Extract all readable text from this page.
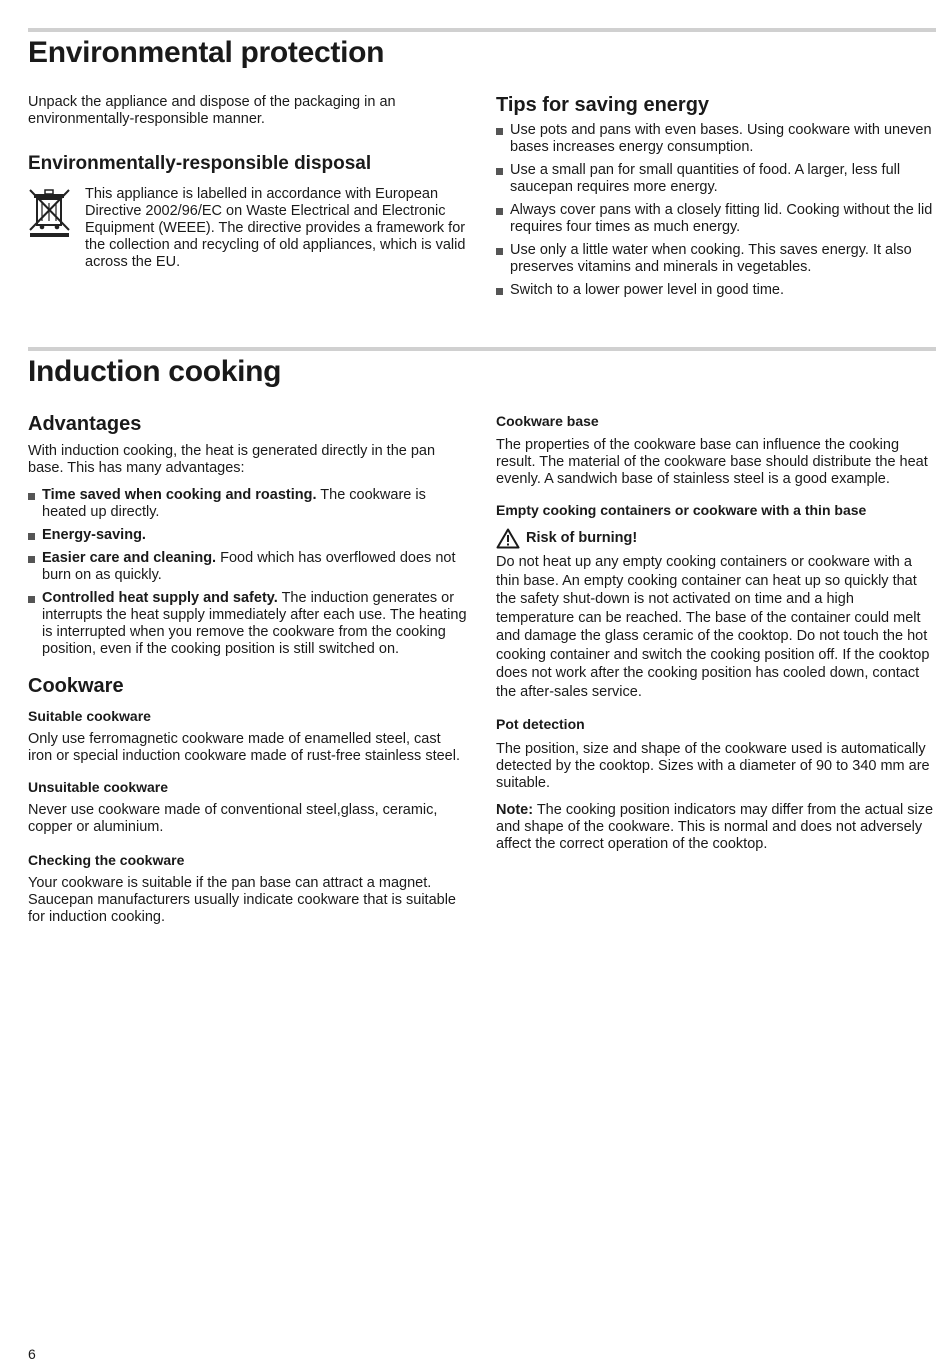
Environmental protection

Unpack the appliance and dispose of the packaging in an environmentally-responsible manner.

Environmentally-responsible disposal

This appliance is labelled in accordance with European Directive 2002/96/EC on Waste Electrical and Electronic Equipment (WEEE). The directive provides a framework for the collection and recycling of old appliances, which is valid across the EU.

Tips for saving energy
Use pots and pans with even bases. Using cookware with uneven bases increases energy consumption.
Use a small pan for small quantities of food. A larger, less full saucepan requires more energy.
Always cover pans with a closely fitting lid. Cooking without the lid requires four times as much energy.
Use only a little water when cooking. This saves energy. It also preserves vitamins and minerals in vegetables.
Switch to a lower power level in good time.
Induction cooking
Advantages

With induction cooking, the heat is generated directly in the pan base. This has many advantages:

Time saved when cooking and roasting. The cookware is heated up directly.
Energy-saving.
Easier care and cleaning. Food which has overflowed does not burn on as quickly.
Controlled heat supply and safety. The induction generates or interrupts the heat supply immediately after each use. The heating is interrupted when you remove the cookware from the cooking position, even if the cooking position is still switched on.
Cookware
Suitable cookware

Only use ferromagnetic cookware made of enamelled steel, cast iron or special induction cookware made of rust-free stainless steel.

Unsuitable cookware

Never use cookware made of conventional steel,glass, ceramic, copper or aluminium.

Checking the cookware

Your cookware is suitable if the pan base can attract a magnet. Saucepan manufacturers usually indicate cookware that is suitable for induction cooking.

Cookware base

The properties of the cookware base can influence the cooking result. The material of the cookware base should distribute the heat evenly. A sandwich base of stainless steel is a good example.

Empty cooking containers or cookware with a thin base
Risk of burning!

Do not heat up any empty cooking containers or cookware with a thin base. An empty cooking container can heat up so quickly that the safety shut-down is not activated on time and a high temperature can be reached. The base of the container could melt and damage the glass ceramic of the cooktop. Do not touch the hot cooking container and switch the cooking position off. If the cooktop does not work after the cooking position has cooled down, contact the after-sales service.

Pot detection

The position, size and shape of the cookware used is automatically detected by the cooktop. Sizes with a diameter of 90 to 340 mm are suitable.

Note: The cooking position indicators may differ from the actual size and shape of the cookware. This is normal and does not adversely affect the correct operation of the cooktop.

6
